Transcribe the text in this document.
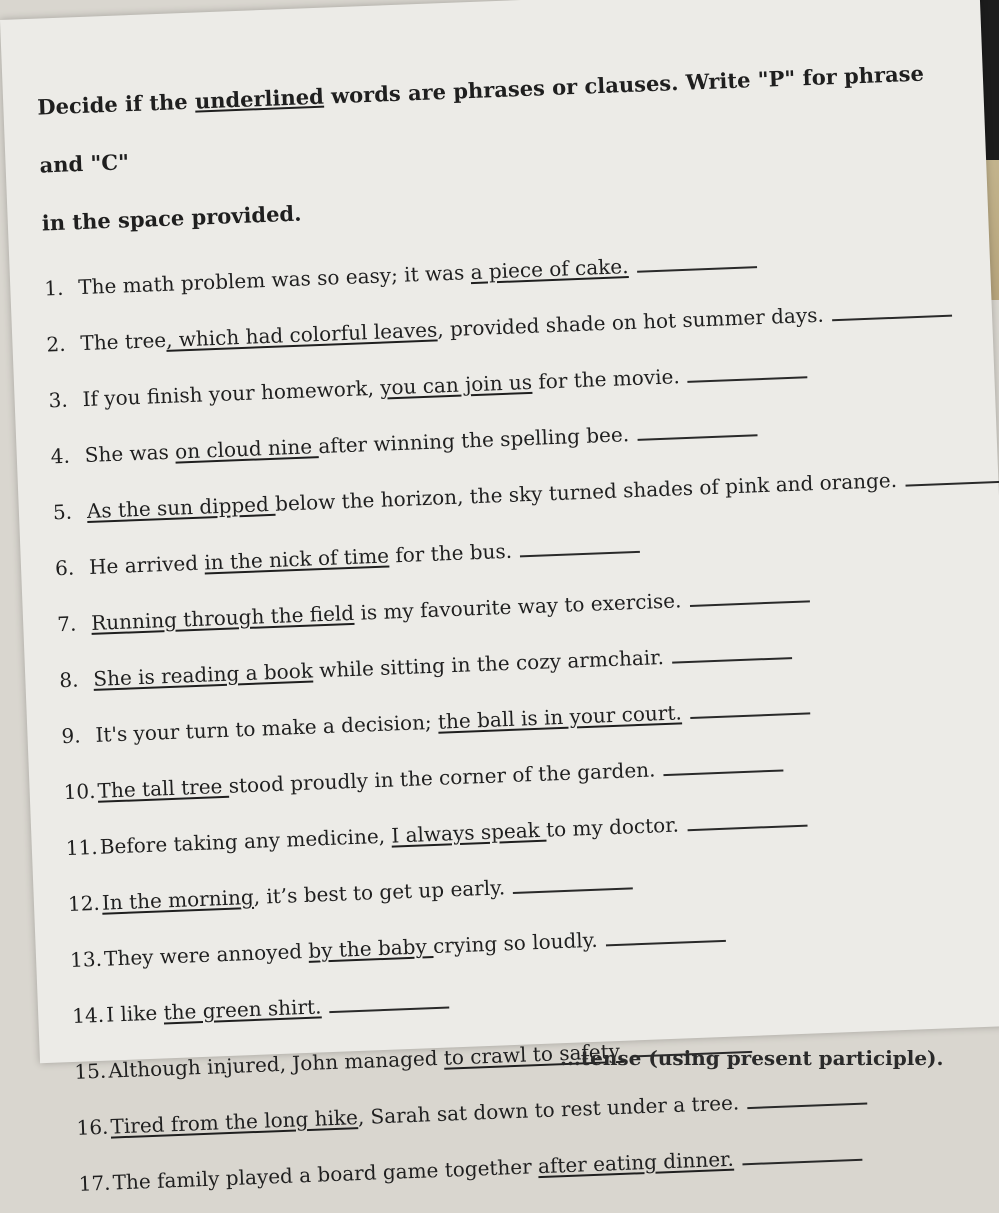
Decide if the underlined words are phrases or clauses. Write "P" for phrase and "C"
in the space provided.

1. The math problem was so easy; it was a piece of cake.
2. The tree, which had colorful leaves, provided shade on hot summer days.
3. If you finish your homework, you can join us for the movie.
4. She was on cloud nine after winning the spelling bee.
5. As the sun dipped below the horizon, the sky turned shades of pink and orange.
6. He arrived in the nick of time for the bus.
7. Running through the field is my favourite way to exercise.
8. She is reading a book while sitting in the cozy armchair.
9. It's your turn to make a decision; the ball is in your court.
10.The tall tree stood proudly in the corner of the garden.
11.Before taking any medicine, I always speak to my doctor.
12.In the morning, it’s best to get up early.
13.They were annoyed by the baby crying so loudly.
14.I like the green shirt.
15.Although injured, John managed to crawl to safety.
16.Tired from the long hike, Sarah sat down to rest under a tree.
17.The family played a board game together after eating dinner.
...tense (using present participle).
